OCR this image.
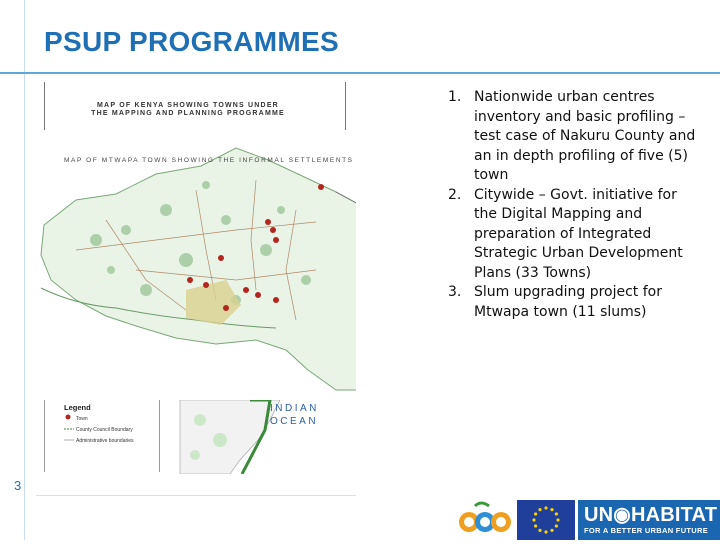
PSUP PROGRAMMES
MAP OF KENYA SHOWING TOWNS UNDER
THE MAPPING AND PLANNING PROGRAMME
MAP OF MTWAPA TOWN SHOWING THE INFORMAL SETTLEMENTS
Legend
Town
County Council Boundary
Administrative boundaries
INDIAN
OCEAN
1. Nationwide urban centres inventory and basic profiling – test case of Nakuru County and an in depth profiling of five (5) town
2. Citywide – Govt. initiative for the Digital Mapping and preparation of Integrated Strategic Urban Development Plans (33 Towns)
3. Slum upgrading project for Mtwapa town (11 slums)
3
UN◉HABITAT
FOR A BETTER URBAN FUTURE
